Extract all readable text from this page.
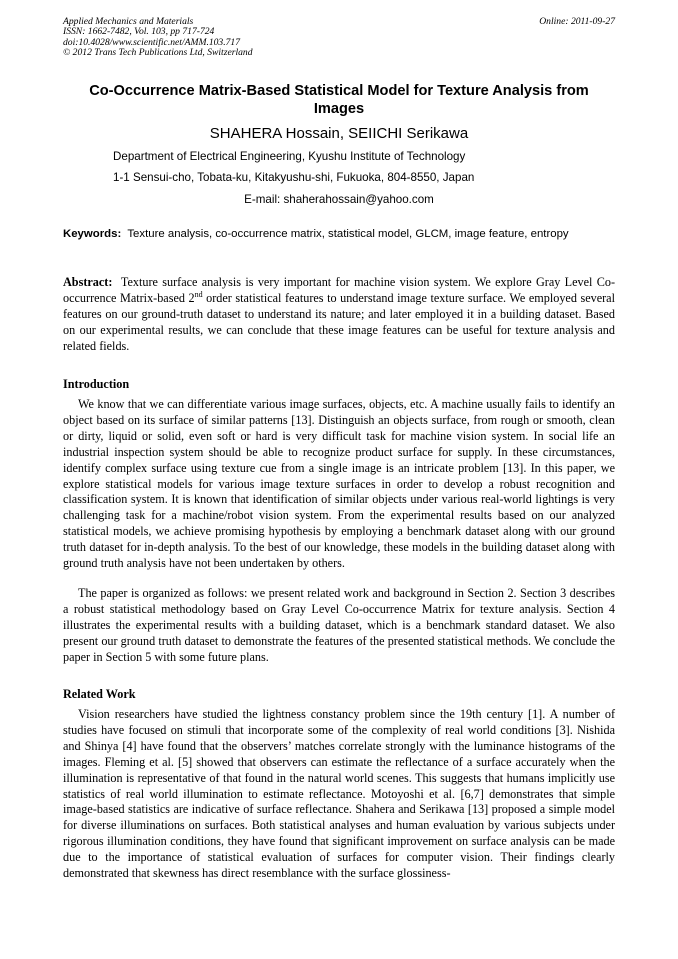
Applied Mechanics and Materials
ISSN: 1662-7482, Vol. 103, pp 717-724
doi:10.4028/www.scientific.net/AMM.103.717
© 2012 Trans Tech Publications Ltd, Switzerland
Online: 2011-09-27
Co-Occurrence Matrix-Based Statistical Model for Texture Analysis from Images
SHAHERA Hossain, SEIICHI Serikawa
Department of Electrical Engineering, Kyushu Institute of Technology
1-1 Sensui-cho, Tobata-ku, Kitakyushu-shi, Fukuoka, 804-8550, Japan
E-mail: shaherahossain@yahoo.com
Keywords: Texture analysis, co-occurrence matrix, statistical model, GLCM, image feature, entropy
Abstract: Texture surface analysis is very important for machine vision system. We explore Gray Level Co-occurrence Matrix-based 2nd order statistical features to understand image texture surface. We employed several features on our ground-truth dataset to understand its nature; and later employed it in a building dataset. Based on our experimental results, we can conclude that these image features can be useful for texture analysis and related fields.
Introduction

We know that we can differentiate various image surfaces, objects, etc. A machine usually fails to identify an object based on its surface of similar patterns [13]. Distinguish an objects surface, from rough or smooth, clean or dirty, liquid or solid, even soft or hard is very difficult task for machine vision system. In social life an industrial inspection system should be able to recognize product surface for supply. In these circumstances, identify complex surface using texture cue from a single image is an intricate problem [13]. In this paper, we explore statistical models for various image texture surfaces in order to develop a robust recognition and classification system. It is known that identification of similar objects under various real-world lightings is very challenging task for a machine/robot vision system. From the experimental results based on our analyzed statistical models, we achieve promising hypothesis by employing a benchmark dataset along with our ground truth dataset for in-depth analysis. To the best of our knowledge, these models in the building dataset along with ground truth analysis have not been undertaken by others.

The paper is organized as follows: we present related work and background in Section 2. Section 3 describes a robust statistical methodology based on Gray Level Co-occurrence Matrix for texture analysis. Section 4 illustrates the experimental results with a building dataset, which is a benchmark standard dataset. We also present our ground truth dataset to demonstrate the features of the presented statistical methods. We conclude the paper in Section 5 with some future plans.

Related Work

Vision researchers have studied the lightness constancy problem since the 19th century [1]. A number of studies have focused on stimuli that incorporate some of the complexity of real world conditions [3]. Nishida and Shinya [4] have found that the observers’ matches correlate strongly with the luminance histograms of the images. Fleming et al. [5] showed that observers can estimate the reflectance of a surface accurately when the illumination is representative of that found in the natural world scenes. This suggests that humans implicitly use statistics of real world illumination to estimate reflectance. Motoyoshi et al. [6,7] demonstrates that simple image-based statistics are indicative of surface reflectance. Shahera and Serikawa [13] proposed a simple model for diverse illuminations on surfaces. Both statistical analyses and human evaluation by various subjects under rigorous illumination conditions, they have found that significant improvement on surface analysis can be made due to the importance of statistical evaluation of surfaces for computer vision. Their findings clearly demonstrated that skewness has direct resemblance with the surface glossiness-
